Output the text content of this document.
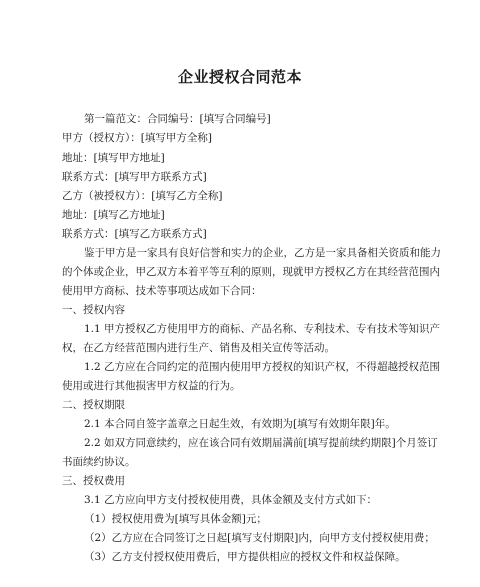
企业授权合同范本
第一篇范文：合同编号：[填写合同编号]
甲方（授权方）：[填写甲方全称]
地址：[填写甲方地址]
联系方式：[填写甲方联系方式]
乙方（被授权方）：[填写乙方全称]
地址：[填写乙方地址]
联系方式：[填写乙方联系方式]
鉴于甲方是一家具有良好信誉和实力的企业，乙方是一家具备相关资质和能力
的个体或企业，甲乙双方本着平等互利的原则，现就甲方授权乙方在其经营范围内
使用甲方商标、技术等事项达成如下合同：
一、授权内容
1.1 甲方授权乙方使用甲方的商标、产品名称、专利技术、专有技术等知识产
权，在乙方经营范围内进行生产、销售及相关宣传等活动。
1.2 乙方应在合同约定的范围内使用甲方授权的知识产权，不得超越授权范围
使用或进行其他损害甲方权益的行为。
二、授权期限
2.1 本合同自签字盖章之日起生效，有效期为[填写有效期年限]年。
2.2 如双方同意续约，应在该合同有效期届满前[填写提前续约期限]个月签订
书面续约协议。
三、授权费用
3.1 乙方应向甲方支付授权使用费，具体金额及支付方式如下：
（1）授权使用费为[填写具体金额]元；
（2）乙方应在合同签订之日起[填写支付期限]内，向甲方支付授权使用费；
（3）乙方支付授权使用费后，甲方提供相应的授权文件和权益保障。
